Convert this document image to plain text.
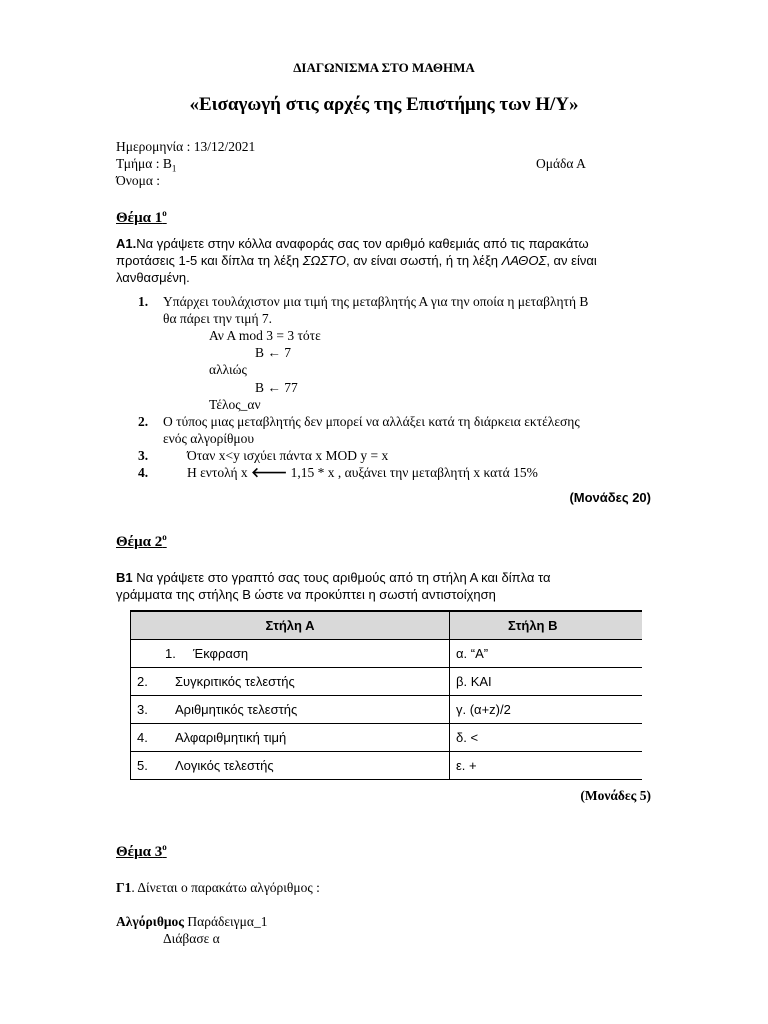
ΔΙΑΓΩΝΙΣΜΑ ΣΤΟ ΜΑΘΗΜΑ
«Εισαγωγή στις αρχές της Επιστήμης των Η/Υ»
Ημερομηνία : 13/12/2021
Τμήμα : $B_1$	Ομάδα Α
Όνομα :
Θέμα $1^o$
Α1.Να γράψετε στην κόλλα αναφοράς σας τον αριθμό καθεμιάς από τις παρακάτω
προτάσεις 1-5 και δίπλα τη λέξη ΣΩΣΤΟ, αν είναι σωστή, ή τη λέξη ΛΑΘΟΣ, αν είναι
λανθασμένη.
1. Υπάρχει τουλάχιστον μια τιμή της μεταβλητής Α για την οποία η μεταβλητή Β
θα πάρει την τιμή 7.
Αν Α mod 3 = 3 τότε
Β ← 7
αλλιώς
Β ← 77
Τέλος_αν
2. Ο τύπος μιας μεταβλητής δεν μπορεί να αλλάξει κατά τη διάρκεια εκτέλεσης
ενός αλγορίθμου
3.	Όταν x<y ισχύει πάντα x MOD y = x
4.	Η εντολή x 🡐 1,15 * x , αυξάνει την μεταβλητή x κατά 15%
(Μονάδες 20)
Θέμα $2^o$
Β1 Να γράψετε στο γραπτό σας τους αριθμούς από τη στήλη Α και δίπλα τα
γράμματα της στήλης Β ώστε να προκύπτει η σωστή αντιστοίχηση
Στήλη Α	Στήλη Β
1. Έκφραση	α. “Α”
2. Συγκριτικός τελεστής	β. ΚΑΙ
3. Αριθμητικός τελεστής	γ. (α+z)/2
4. Αλφαριθμητική τιμή	δ. <
5. Λογικός τελεστής	ε. +
(Μονάδες 5)
Θέμα $3^o$
Γ1. Δίνεται ο παρακάτω αλγόριθμος :
Αλγόριθμος Παράδειγμα_1
Διάβασε α
